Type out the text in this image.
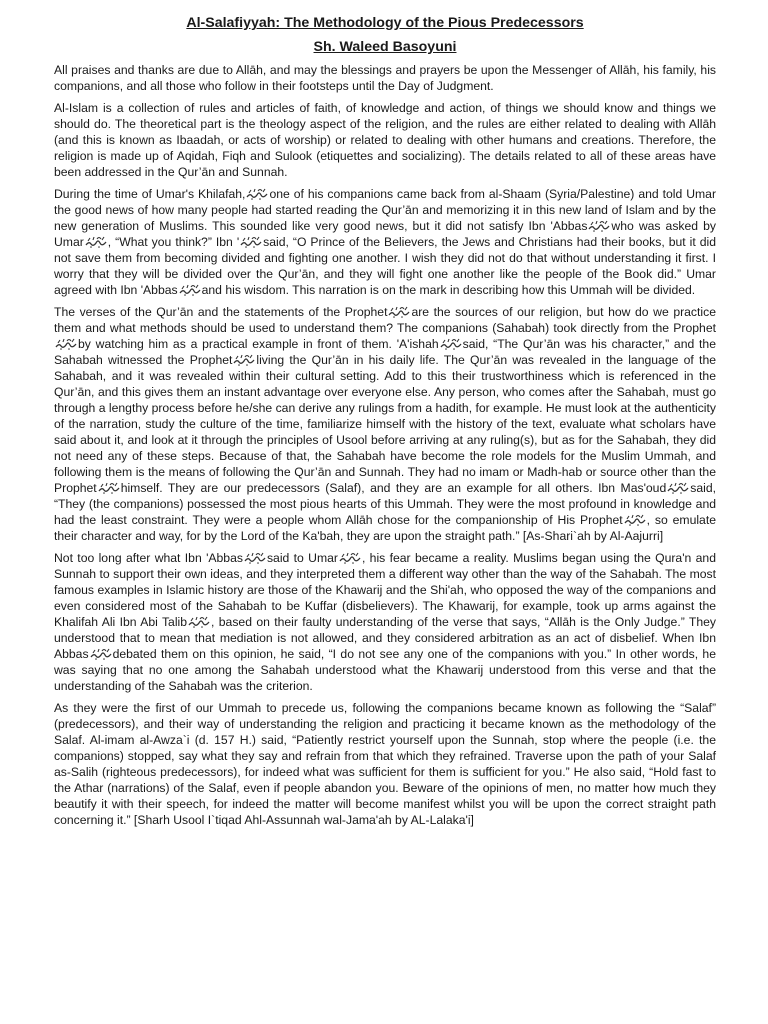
Al-Salafiyyah: The Methodology of the Pious Predecessors
Sh. Waleed Basoyuni

All praises and thanks are due to Allāh, and may the blessings and prayers be upon the Messenger of Allāh, his family, his companions, and all those who follow in their footsteps until the Day of Judgment.

Al-Islam is a collection of rules and articles of faith, of knowledge and action, of things we should know and things we should do. The theoretical part is the theology aspect of the religion, and the rules are either related to dealing with Allāh (and this is known as Ibaadah, or acts of worship) or related to dealing with other humans and creations. Therefore, the religion is made up of Aqidah, Fiqh and Sulook (etiquettes and socializing). The details related to all of these areas have been addressed in the Qur’ān and Sunnah.

During the time of Umar's Khilafah, one of his companions came back from al-Shaam (Syria/Palestine) and told Umar the good news of how many people had started reading the Qur’ān and memorizing it in this new land of Islam and by the new generation of Muslims. This sounded like very good news, but it did not satisfy Ibn 'Abbas who was asked by Umar , “What you think?” Ibn ' said, “O Prince of the Believers, the Jews and Christians had their books, but it did not save them from becoming divided and fighting one another. I wish they did not do that without understanding it first. I worry that they will be divided over the Qur’ān, and they will fight one another like the people of the Book did.” Umar agreed with Ibn 'Abbas and his wisdom. This narration is on the mark in describing how this Ummah will be divided.

The verses of the Qur’ān and the statements of the Prophet are the sources of our religion, but how do we practice them and what methods should be used to understand them? The companions (Sahabah) took directly from the Prophet
by watching him as a practical example in front of them. 'A'ishah said, “The Qur’ān was his character,” and the Sahabah witnessed the Prophet living the Qur’ān in his daily life. The Qur’ān was revealed in the language of the Sahabah, and it was revealed within their cultural setting. Add to this their trustworthiness which is referenced in the Qur’ān, and this gives them an instant advantage over everyone else. Any person, who comes after the Sahabah, must go through a lengthy process before he/she can derive any rulings from a hadith, for example. He must look at the authenticity of the narration, study the culture of the time, familiarize himself with the history of the text, evaluate what scholars have said about it, and look at it through the principles of Usool before arriving at any ruling(s), but as for the Sahabah, they did not need any of these steps. Because of that, the Sahabah have become the role models for the Muslim Ummah, and following them is the means of following the Qur’ān and Sunnah. They had no imam or Madh-hab or source other than the Prophet himself. They are our predecessors (Salaf), and they are an example for all others. Ibn Mas'oud said, “They (the companions) possessed the most pious hearts of this Ummah. They were the most profound in knowledge and had the least constraint. They were a people whom Allāh chose for the companionship of His Prophet , so emulate their character and way, for by the Lord of the Ka'bah, they are upon the straight path.” [As-Shari`ah by Al-Aajurri]

Not too long after what Ibn 'Abbas said to Umar , his fear became a reality. Muslims began using the Qura'n and Sunnah to support their own ideas, and they interpreted them a different way other than the way of the Sahabah. The most famous examples in Islamic history are those of the Khawarij and the Shi'ah, who opposed the way of the companions and even considered most of the Sahabah to be Kuffar (disbelievers). The Khawarij, for example, took up arms against the Khalifah Ali Ibn Abi Talib , based on their faulty understanding of the verse that says, “Allāh is the Only Judge.” They understood that to mean that mediation is not allowed, and they considered arbitration as an act of disbelief. When Ibn Abbas debated them on this opinion, he said, “I do not see any one of the companions with you.” In other words, he was saying that no one among the Sahabah understood what the Khawarij understood from this verse and that the understanding of the Sahabah was the criterion.

As they were the first of our Ummah to precede us, following the companions became known as following the “Salaf” (predecessors), and their way of understanding the religion and practicing it became known as the methodology of the Salaf. Al-imam al-Awza`i (d. 157 H.) said, “Patiently restrict yourself upon the Sunnah, stop where the people (i.e. the companions) stopped, say what they say and refrain from that which they refrained. Traverse upon the path of your Salaf as-Salih (righteous predecessors), for indeed what was sufficient for them is sufficient for you.” He also said, “Hold fast to the Athar (narrations) of the Salaf, even if people abandon you. Beware of the opinions of men, no matter how much they beautify it with their speech, for indeed the matter will become manifest whilst you will be upon the correct straight path concerning it.” [Sharh Usool I`tiqad Ahl-Assunnah wal-Jama'ah by AL-Lalaka'i]
